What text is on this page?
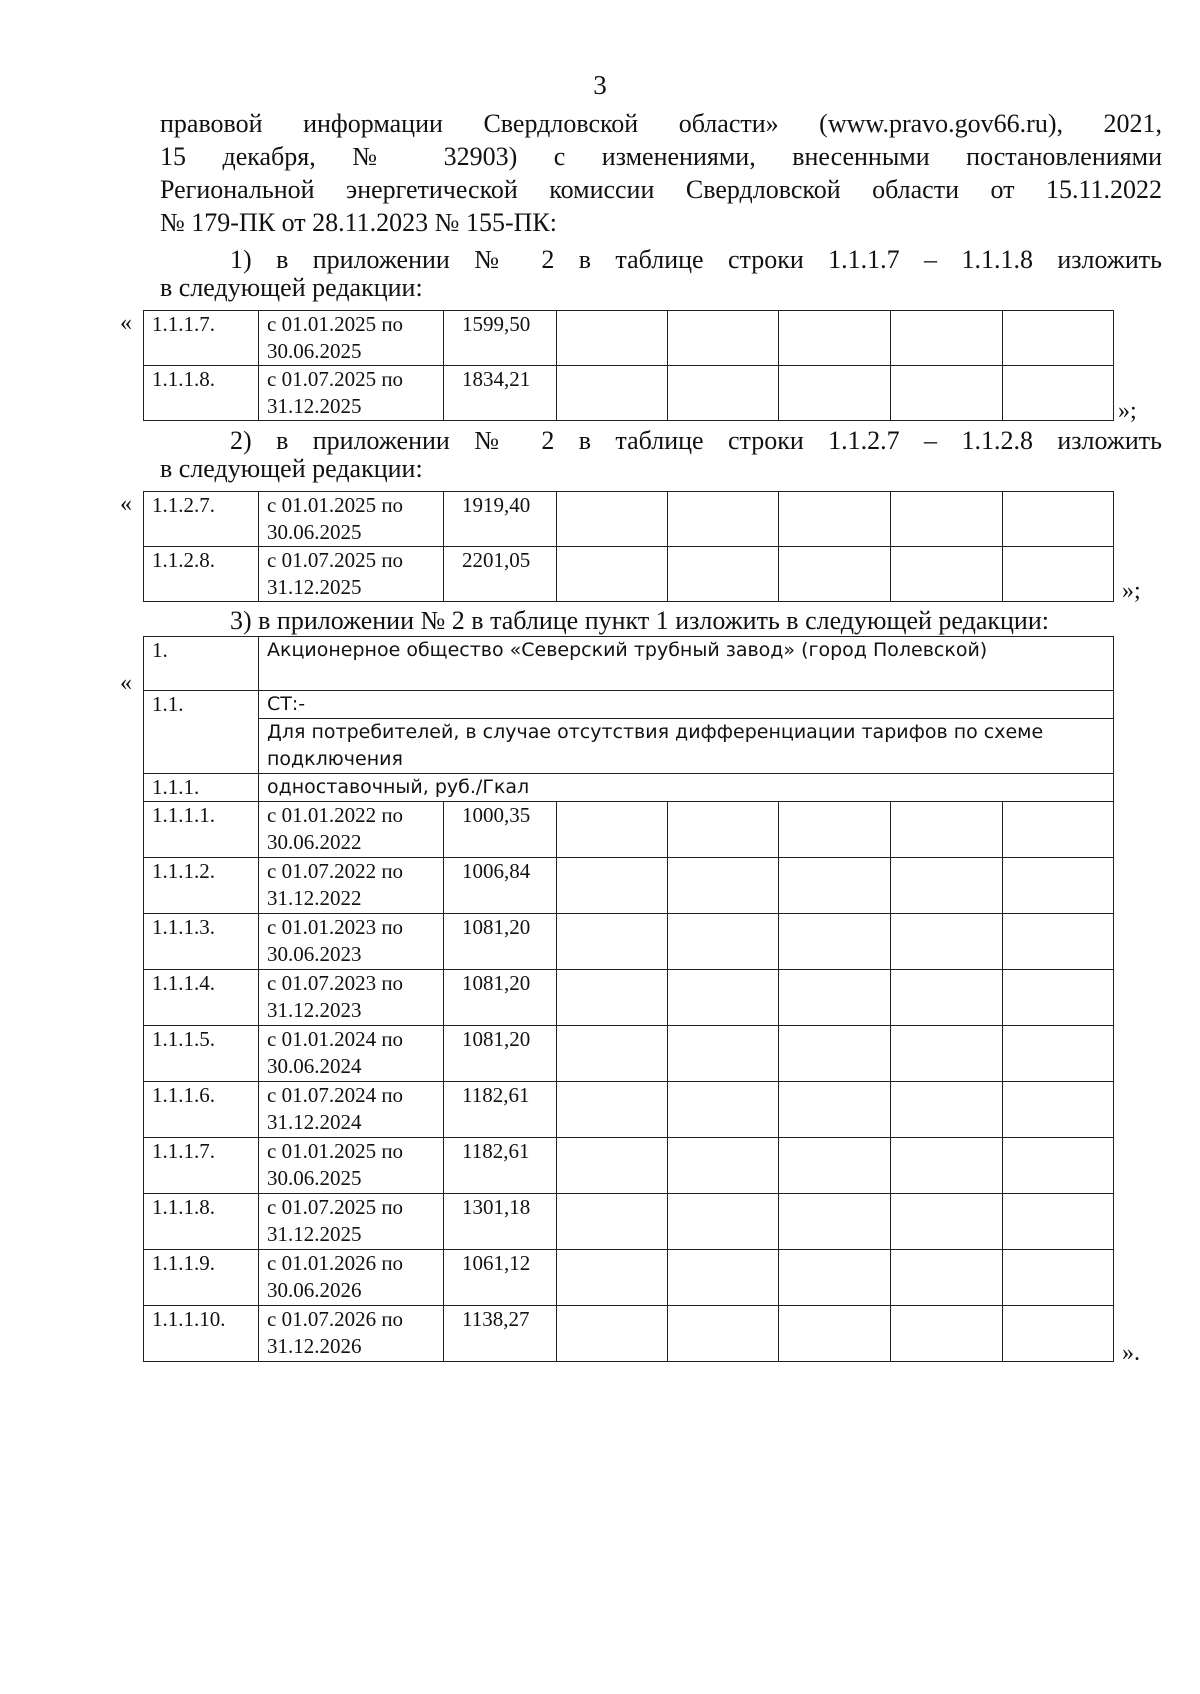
3
правовой информации Свердловской области» (www.pravo.gov66.ru), 2021,
15 декабря, № 32903) с изменениями, внесенными постановлениями
Региональной энергетической комиссии Свердловской области от 15.11.2022
№ 179-ПК от 28.11.2023 № 155-ПК:
1) в приложении № 2 в таблице строки 1.1.1.7 – 1.1.1.8 изложить
в следующей редакции:
« 1.1.1.7.	с 01.01.2025 по
30.06.2025	1599,50					
1.1.1.8.	с 01.07.2025 по
31.12.2025	1834,21					
»;
2) в приложении № 2 в таблице строки 1.1.2.7 – 1.1.2.8 изложить
в следующей редакции:
« 1.1.2.7.	с 01.01.2025 по
30.06.2025	1919,40					
1.1.2.8.	с 01.07.2025 по
31.12.2025	2201,05					
»;
3) в приложении № 2 в таблице пункт 1 изложить в следующей редакции:
«
1.	Акционерное общество «Северский трубный завод» (город Полевской)						
1.1.	СТ:-						
	Для потребителей, в случае отсутствия дифференциации тарифов по схеме
подключения						
1.1.1.	одноставочный, руб./Гкал						
1.1.1.1.	с 01.01.2022 по
30.06.2022	1000,35					
1.1.1.2.	с 01.07.2022 по
31.12.2022	1006,84					
1.1.1.3.	с 01.01.2023 по
30.06.2023	1081,20					
1.1.1.4.	с 01.07.2023 по
31.12.2023	1081,20					
1.1.1.5.	с 01.01.2024 по
30.06.2024	1081,20					
1.1.1.6.	с 01.07.2024 по
31.12.2024	1182,61					
1.1.1.7.	с 01.01.2025 по
30.06.2025	1182,61					
1.1.1.8.	с 01.07.2025 по
31.12.2025	1301,18					
1.1.1.9.	с 01.01.2026 по
30.06.2026	1061,12					
1.1.1.10.	с 01.07.2026 по
31.12.2026	1138,27					
».
